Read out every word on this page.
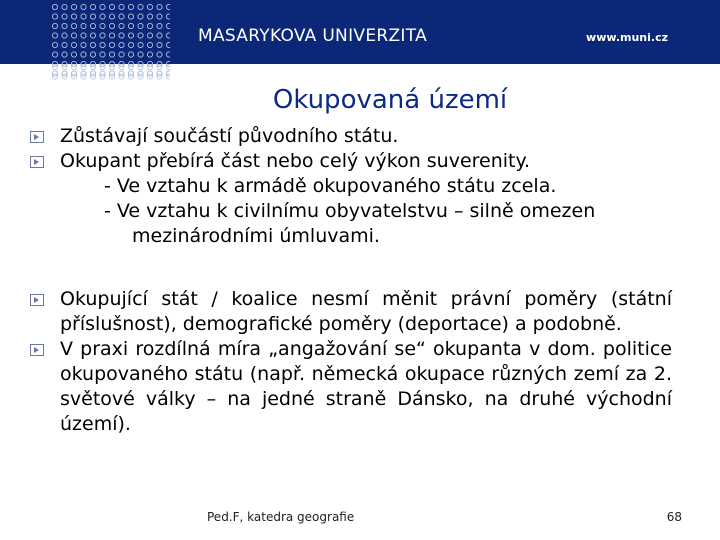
MASARYKOVA UNIVERZITA	www.muni.cz
Okupovaná území
Zůstávají součástí původního státu.
Okupant přebírá část nebo celý výkon suverenity.
- Ve vztahu k armádě okupovaného státu zcela.
- Ve vztahu k civilnímu obyvatelstvu – silně omezen
mezinárodními úmluvami.
Okupující stát / koalice nesmí měnit právní poměry (státní příslušnost), demografické poměry (deportace) a podobně.
V praxi rozdílná míra „angažování se“ okupanta v dom. politice okupovaného státu (např. německá okupace různých zemí za 2. světové války – na jedné straně Dánsko, na druhé východní území).
Ped.F, katedra geografie	68
